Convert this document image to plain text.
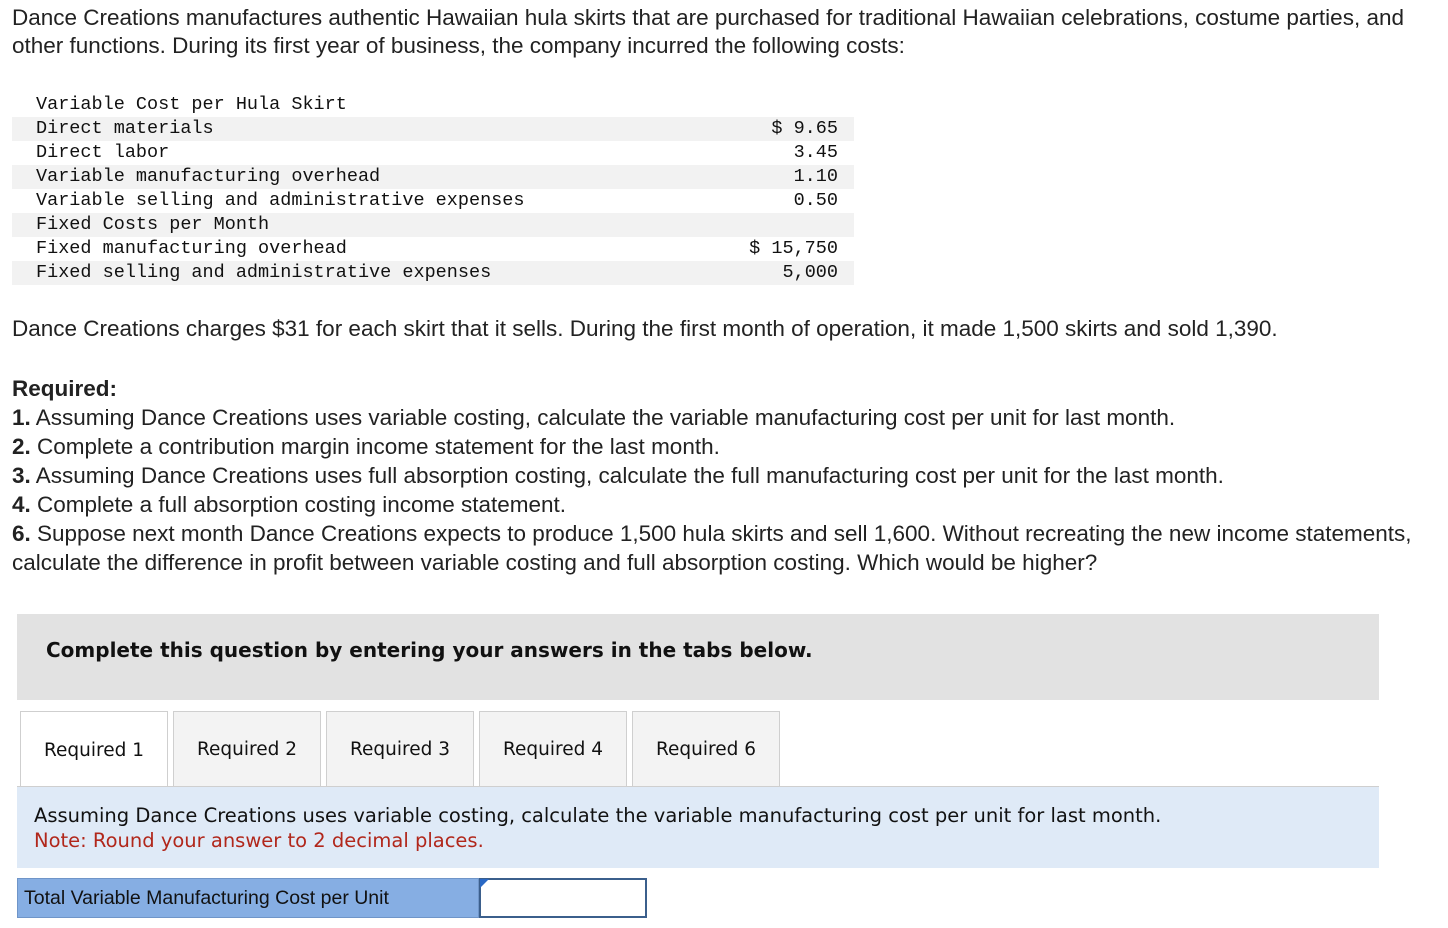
Dance Creations manufactures authentic Hawaiian hula skirts that are purchased for traditional Hawaiian celebrations, costume parties, and other functions. During its first year of business, the company incurred the following costs:
Variable Cost per Hula Skirt
Direct materials	$ 9.65
Direct labor	3.45
Variable manufacturing overhead	1.10
Variable selling and administrative expenses	0.50
Fixed Costs per Month
Fixed manufacturing overhead	$ 15,750
Fixed selling and administrative expenses	5,000
Dance Creations charges $31 for each skirt that it sells. During the first month of operation, it made 1,500 skirts and sold 1,390.
Required:
1. Assuming Dance Creations uses variable costing, calculate the variable manufacturing cost per unit for last month.
2. Complete a contribution margin income statement for the last month.
3. Assuming Dance Creations uses full absorption costing, calculate the full manufacturing cost per unit for the last month.
4. Complete a full absorption costing income statement.
6. Suppose next month Dance Creations expects to produce 1,500 hula skirts and sell 1,600. Without recreating the new income statements, calculate the difference in profit between variable costing and full absorption costing. Which would be higher?
Complete this question by entering your answers in the tabs below.
Required 1	Required 2	Required 3	Required 4	Required 6
Assuming Dance Creations uses variable costing, calculate the variable manufacturing cost per unit for last month.
Note: Round your answer to 2 decimal places.
Total Variable Manufacturing Cost per Unit
